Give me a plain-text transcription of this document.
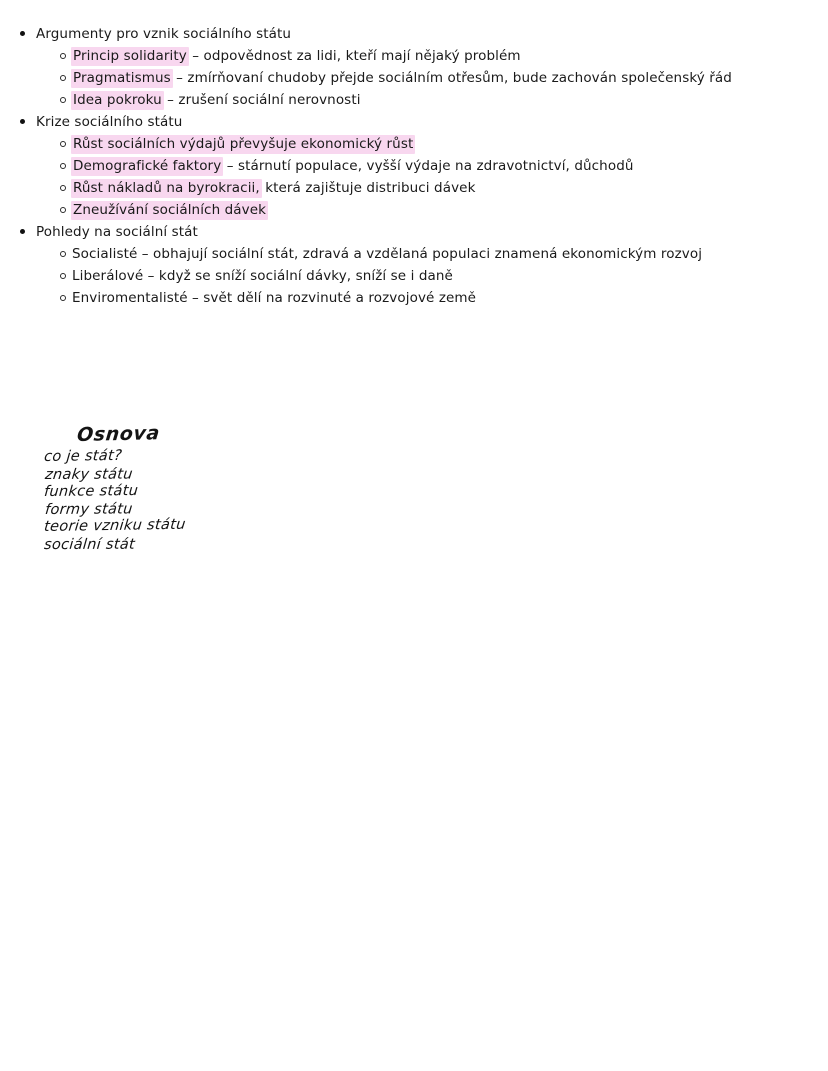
Argumenty pro vznik sociálního státu
Princip solidarity – odpovědnost za lidi, kteří mají nějaký problém
Pragmatismus – zmírňovaní chudoby přejde sociálním otřesům, bude zachován společenský řád
Idea pokroku – zrušení sociální nerovnosti
Krize sociálního státu
Růst sociálních výdajů převyšuje ekonomický růst
Demografické faktory – stárnutí populace, vyšší výdaje na zdravotnictví, důchodů
Růst nákladů na byrokracii, která zajištuje distribuci dávek
Zneužívání sociálních dávek
Pohledy na sociální stát
Socialisté – obhajují sociální stát, zdravá a vzdělaná populaci znamená ekonomickým rozvoj
Liberálové – když se sníží sociální dávky, sníží se i daně
Enviromentalisté – svět dělí na rozvinuté a rozvojové země
Osnova
co je stát?
znaky státu
funkce státu
formy státu
teorie vzniku státu
sociální stát
